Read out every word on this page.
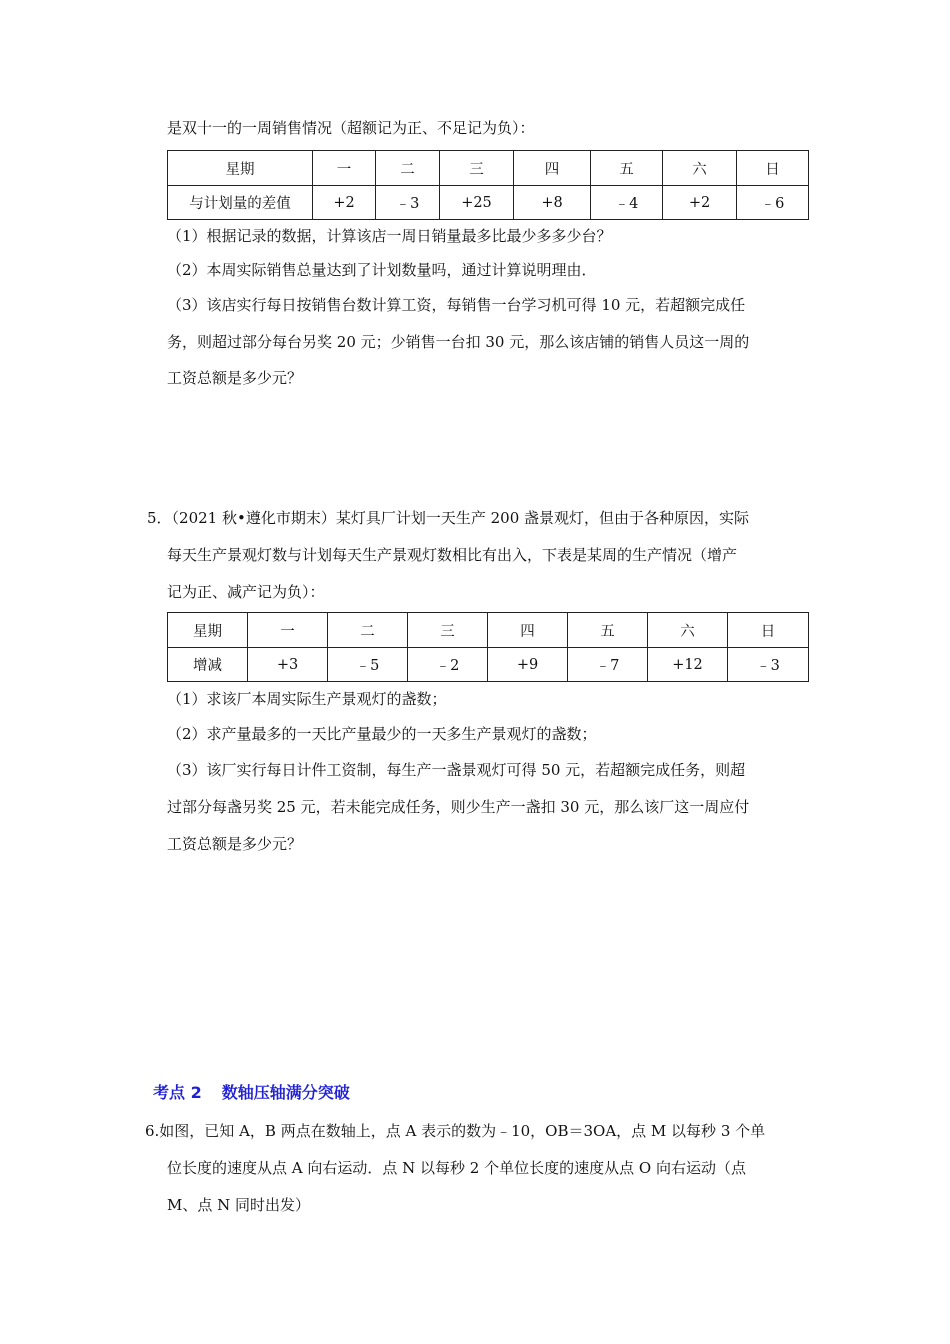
是双十一的一周销售情况（超额记为正、不足记为负）：
星期	一	二	三	四	五	六	日
与计划量的差值	+2	﹣3	+25	+8	﹣4	+2	﹣6
（1）根据记录的数据，计算该店一周日销量最多比最少多多少台？
（2）本周实际销售总量达到了计划数量吗，通过计算说明理由．
（3）该店实行每日按销售台数计算工资，每销售一台学习机可得 10 元，若超额完成任
务，则超过部分每台另奖 20 元；少销售一台扣 30 元，那么该店铺的销售人员这一周的
工资总额是多少元？
5．（2021 秋•遵化市期末）某灯具厂计划一天生产 200 盏景观灯，但由于各种原因，实际
每天生产景观灯数与计划每天生产景观灯数相比有出入，下表是某周的生产情况（增产
记为正、减产记为负）：
星期	一	二	三	四	五	六	日
增减	+3	﹣5	﹣2	+9	﹣7	+12	﹣3
（1）求该厂本周实际生产景观灯的盏数；
（2）求产量最多的一天比产量最少的一天多生产景观灯的盏数；
（3）该厂实行每日计件工资制，每生产一盏景观灯可得 50 元，若超额完成任务，则超
过部分每盏另奖 25 元，若未能完成任务，则少生产一盏扣 30 元，那么该厂这一周应付
工资总额是多少元？
考点 2 数轴压轴满分突破
6.如图，已知 A，B 两点在数轴上，点 A 表示的数为﹣10，OB＝3OA，点 M 以每秒 3 个单
位长度的速度从点 A 向右运动．点 N 以每秒 2 个单位长度的速度从点 O 向右运动（点
M、点 N 同时出发）
